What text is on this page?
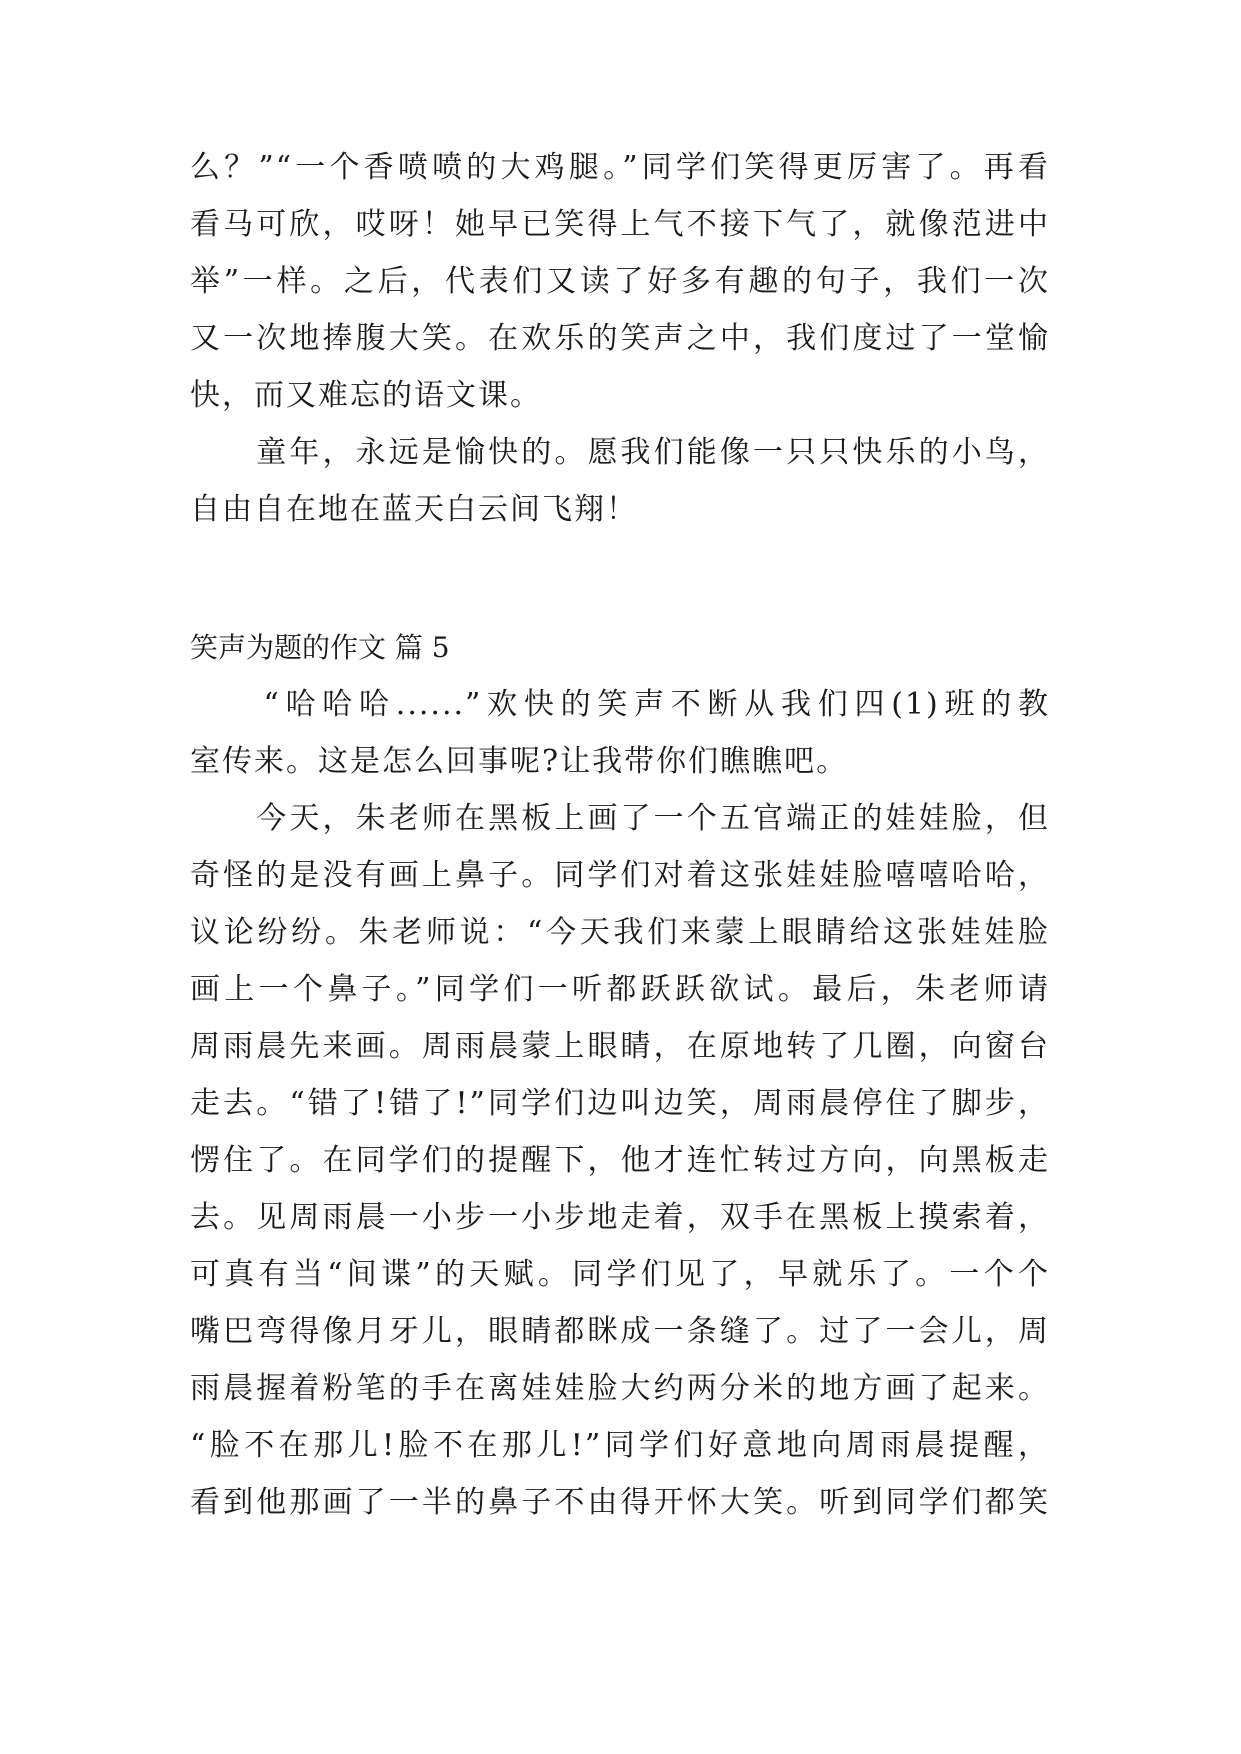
么？”“一个香喷喷的大鸡腿。”同学们笑得更厉害了。再看
看马可欣，哎呀！她早已笑得上气不接下气了，就像范进中
举”一样。之后，代表们又读了好多有趣的句子，我们一次
又一次地捧腹大笑。在欢乐的笑声之中，我们度过了一堂愉
快，而又难忘的语文课。
　　童年，永远是愉快的。愿我们能像一只只快乐的小鸟，
自由自在地在蓝天白云间飞翔！
笑声为题的作文 篇 5
　　“哈哈哈......”欢快的笑声不断从我们四(1)班的教
室传来。这是怎么回事呢?让我带你们瞧瞧吧。
　　今天，朱老师在黑板上画了一个五官端正的娃娃脸，但
奇怪的是没有画上鼻子。同学们对着这张娃娃脸嘻嘻哈哈，
议论纷纷。朱老师说：“今天我们来蒙上眼睛给这张娃娃脸
画上一个鼻子。”同学们一听都跃跃欲试。最后，朱老师请
周雨晨先来画。周雨晨蒙上眼睛，在原地转了几圈，向窗台
走去。“错了!错了!”同学们边叫边笑，周雨晨停住了脚步，
愣住了。在同学们的提醒下，他才连忙转过方向，向黑板走
去。见周雨晨一小步一小步地走着，双手在黑板上摸索着，
可真有当“间谍”的天赋。同学们见了，早就乐了。一个个
嘴巴弯得像月牙儿，眼睛都眯成一条缝了。过了一会儿，周
雨晨握着粉笔的手在离娃娃脸大约两分米的地方画了起来。
“脸不在那儿!脸不在那儿!”同学们好意地向周雨晨提醒，
看到他那画了一半的鼻子不由得开怀大笑。听到同学们都笑
